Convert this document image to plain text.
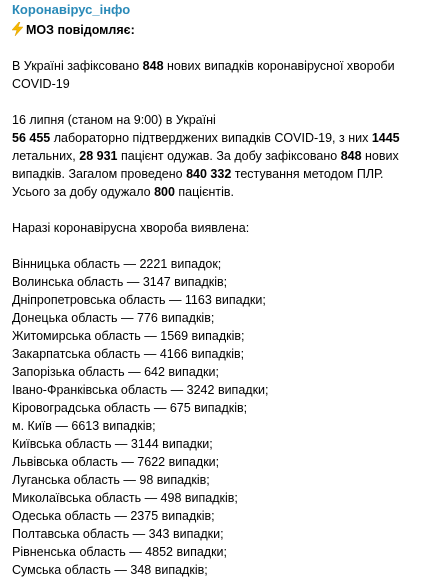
Коронавірус_інфо
МОЗ повідомляє:

В Україні зафіксовано 848 нових випадків коронавірусної хвороби COVID-19

16 липня (станом на 9:00) в Україні

56 455 лабораторно підтверджених випадків COVID-19, з них 1445 летальних, 28 931 пацієнт одужав. За добу зафіксовано 848 нових випадків. Загалом проведено 840 332 тестування методом ПЛР. Усього за добу одужало 800 пацієнтів.

Наразі коронавірусна хвороба виявлена:

Вінницька область — 2221 випадок;
Волинська область — 3147 випадків;
Дніпропетровська область — 1163 випадки;
Донецька область — 776 випадків;
Житомирська область — 1569 випадків;
Закарпатська область — 4166 випадків;
Запорізька область — 642 випадки;
Івано-Франківська область — 3242 випадки;
Кіровоградська область — 675 випадків;
м. Київ — 6613 випадків;
Київська область — 3144 випадки;
Львівська область — 7622 випадки;
Луганська область — 98 випадків;
Миколаївська область — 498 випадків;
Одеська область — 2375 випадків;
Полтавська область — 343 випадки;
Рівненська область — 4852 випадки;
Сумська область — 348 випадків;
